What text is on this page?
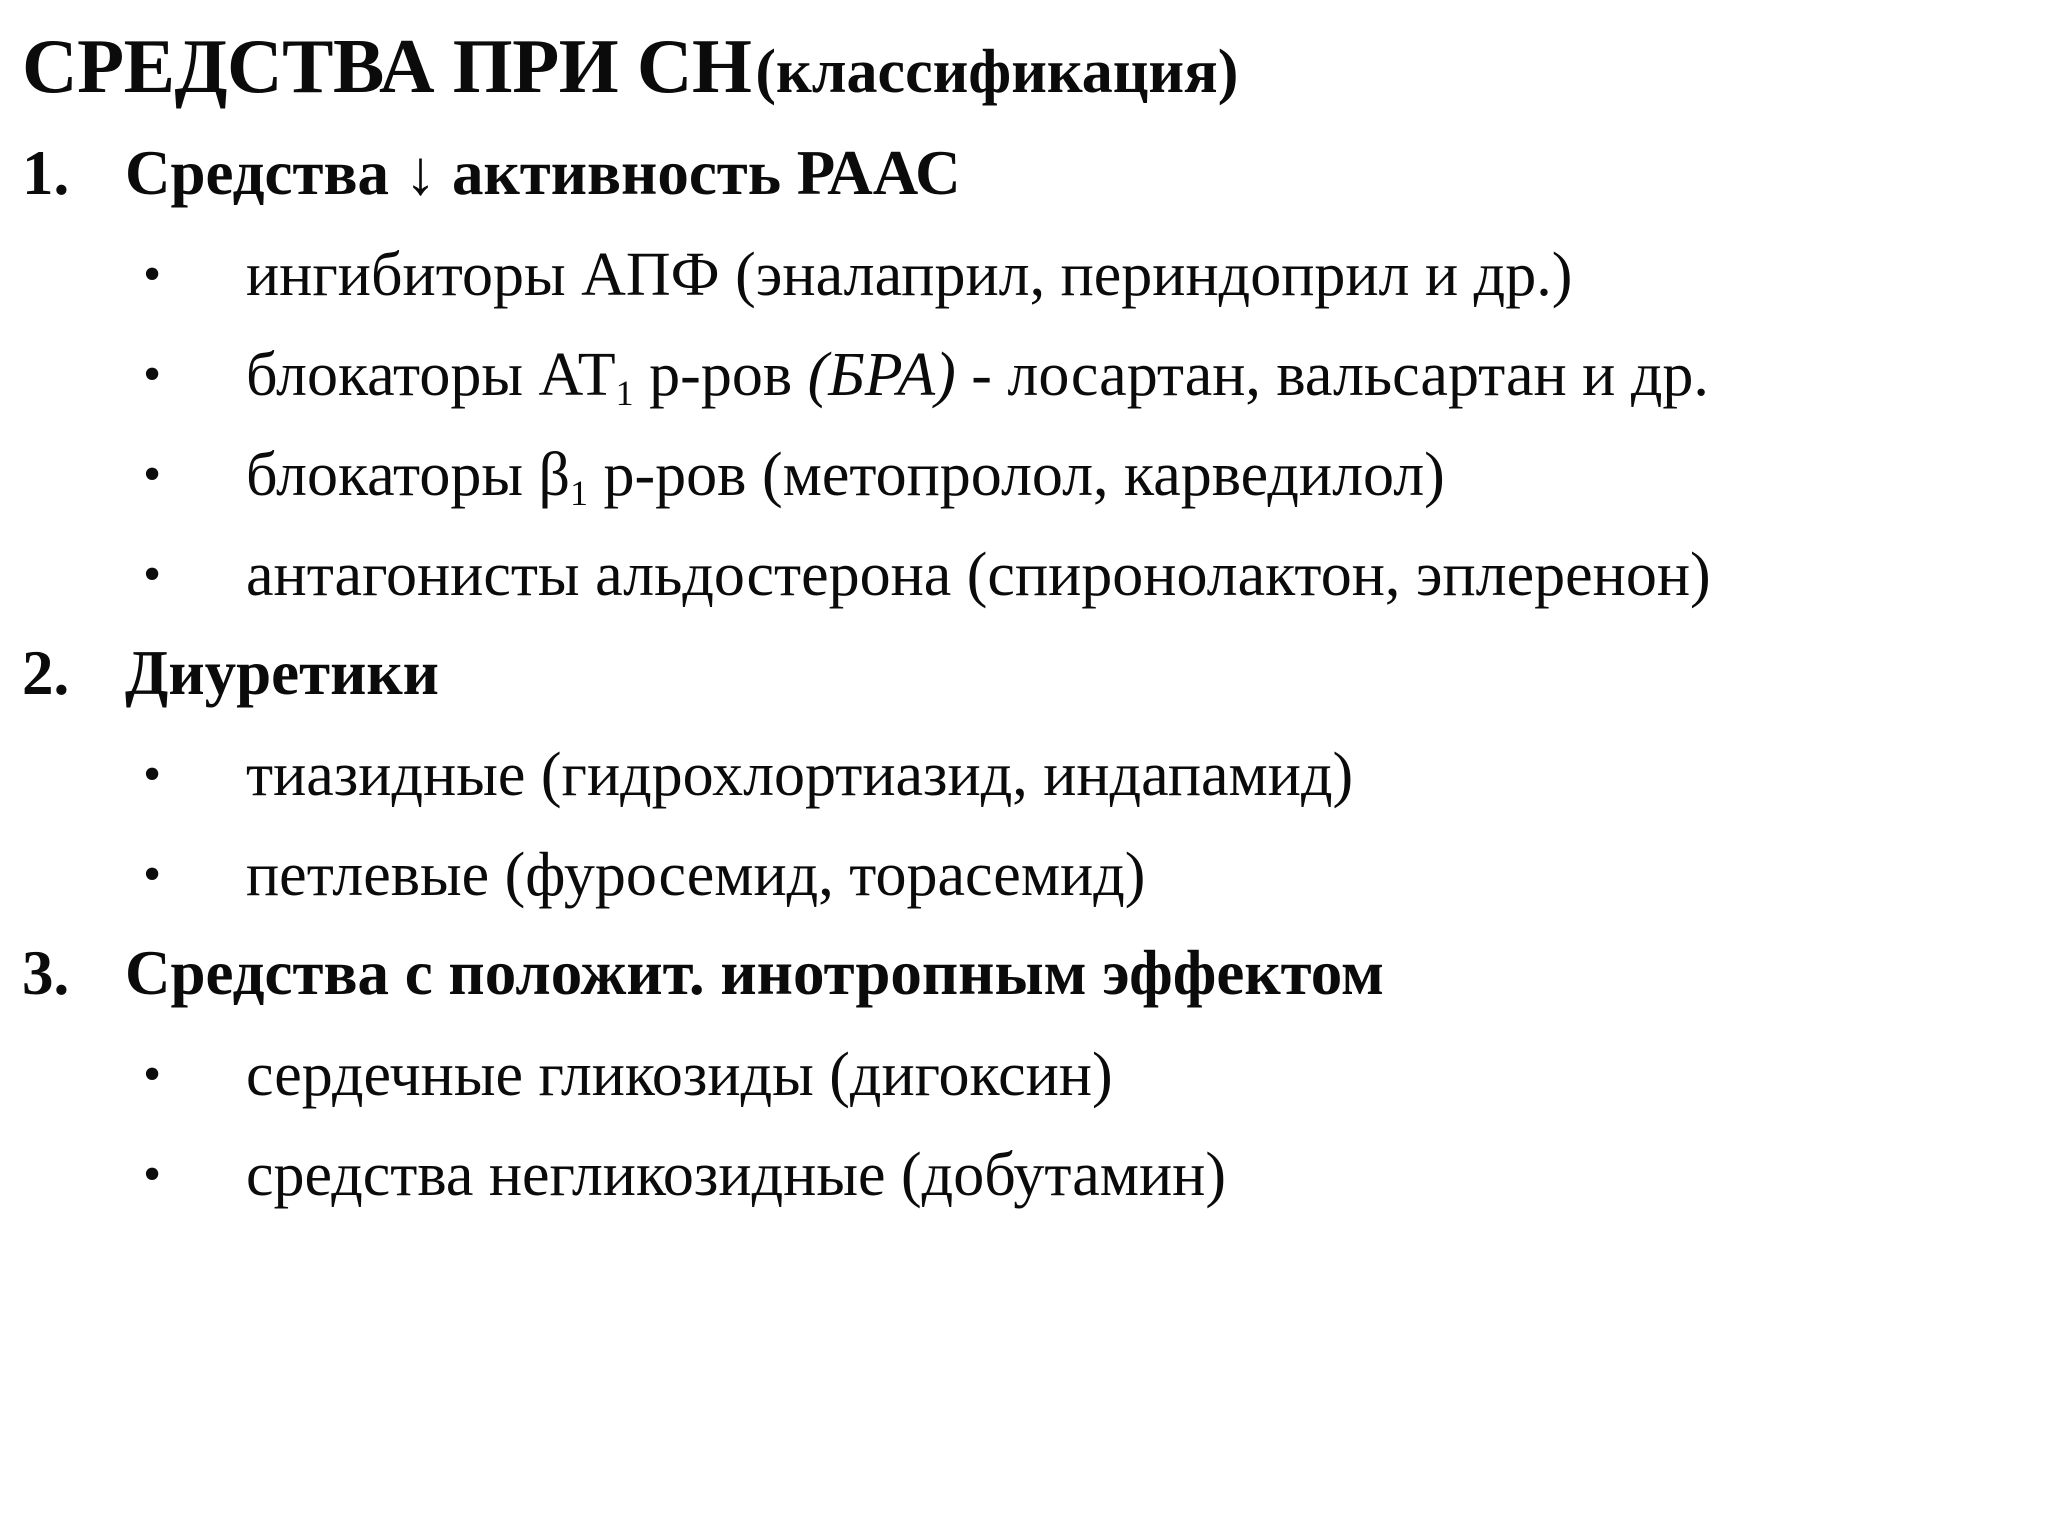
СРЕДСТВА ПРИ СН (классификация)
1. Средства ↓ активность РААС
• ингибиторы АПФ (эналаприл, периндоприл и др.)
• блокаторы $АТ_1$ р-ров (БРА) - лосартан, вальсартан и др.
• блокаторы $\beta_1$ р-ров (метопролол, карведилол)
• антагонисты альдостерона (спиронолактон, эплеренон)
2. Диуретики
• тиазидные (гидрохлортиазид, индапамид)
• петлевые (фуросемид, торасемид)
3. Средства с положит. инотропным эффектом
• сердечные гликозиды (дигоксин)
• средства негликозидные (добутамин)
